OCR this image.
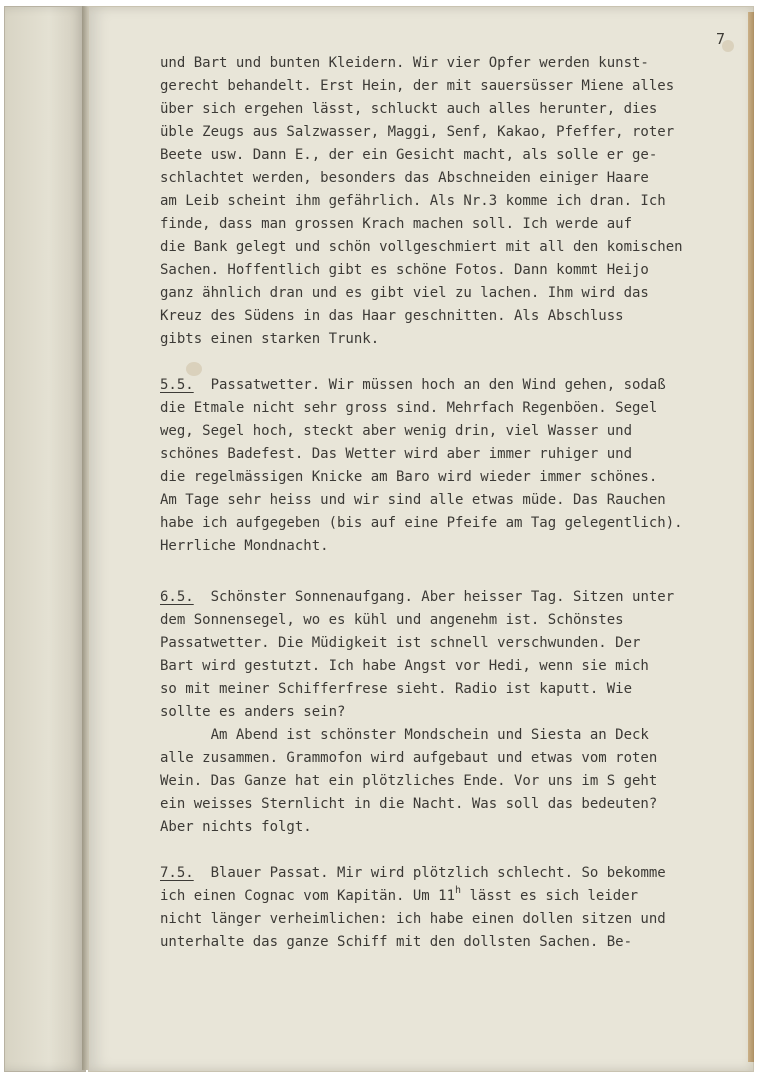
7
und Bart und bunten Kleidern. Wir vier Opfer werden kunst-
gerecht behandelt. Erst Hein, der mit sauersüsser Miene alles
über sich ergehen lässt, schluckt auch alles herunter, dies
üble Zeugs aus Salzwasser, Maggi, Senf, Kakao, Pfeffer, roter
Beete usw. Dann E., der ein Gesicht macht, als solle er ge-
schlachtet werden, besonders das Abschneiden einiger Haare
am Leib scheint ihm gefährlich. Als Nr.3 komme ich dran. Ich
finde, dass man grossen Krach machen soll. Ich werde auf
die Bank gelegt und schön vollgeschmiert mit all den komischen
Sachen. Hoffentlich gibt es schöne Fotos. Dann kommt Heijo
ganz ähnlich dran und es gibt viel zu lachen. Ihm wird das
Kreuz des Südens in das Haar geschnitten. Als Abschluss
gibts einen starken Trunk.
5.5. Passatwetter. Wir müssen hoch an den Wind gehen, sodaß
die Etmale nicht sehr gross sind. Mehrfach Regenböen. Segel
weg, Segel hoch, steckt aber wenig drin, viel Wasser und
schönes Badefest. Das Wetter wird aber immer ruhiger und
die regelmässigen Knicke am Baro wird wieder immer schönes.
Am Tage sehr heiss und wir sind alle etwas müde. Das Rauchen
habe ich aufgegeben (bis auf eine Pfeife am Tag gelegentlich).
Herrliche Mondnacht.
6.5. Schönster Sonnenaufgang. Aber heisser Tag. Sitzen unter
dem Sonnensegel, wo es kühl und angenehm ist. Schönstes
Passatwetter. Die Müdigkeit ist schnell verschwunden. Der
Bart wird gestutzt. Ich habe Angst vor Hedi, wenn sie mich
so mit meiner Schifferfrese sieht. Radio ist kaputt. Wie
sollte es anders sein?
Am Abend ist schönster Mondschein und Siesta an Deck
alle zusammen. Grammofon wird aufgebaut und etwas vom roten
Wein. Das Ganze hat ein plötzliches Ende. Vor uns im S geht
ein weisses Sternlicht in die Nacht. Was soll das bedeuten?
Aber nichts folgt.
7.5. Blauer Passat. Mir wird plötzlich schlecht. So bekomme
ich einen Cognac vom Kapitän. Um 11$^h$ lässt es sich leider
nicht länger verheimlichen: ich habe einen dollen sitzen und
unterhalte das ganze Schiff mit den dollsten Sachen. Be-
